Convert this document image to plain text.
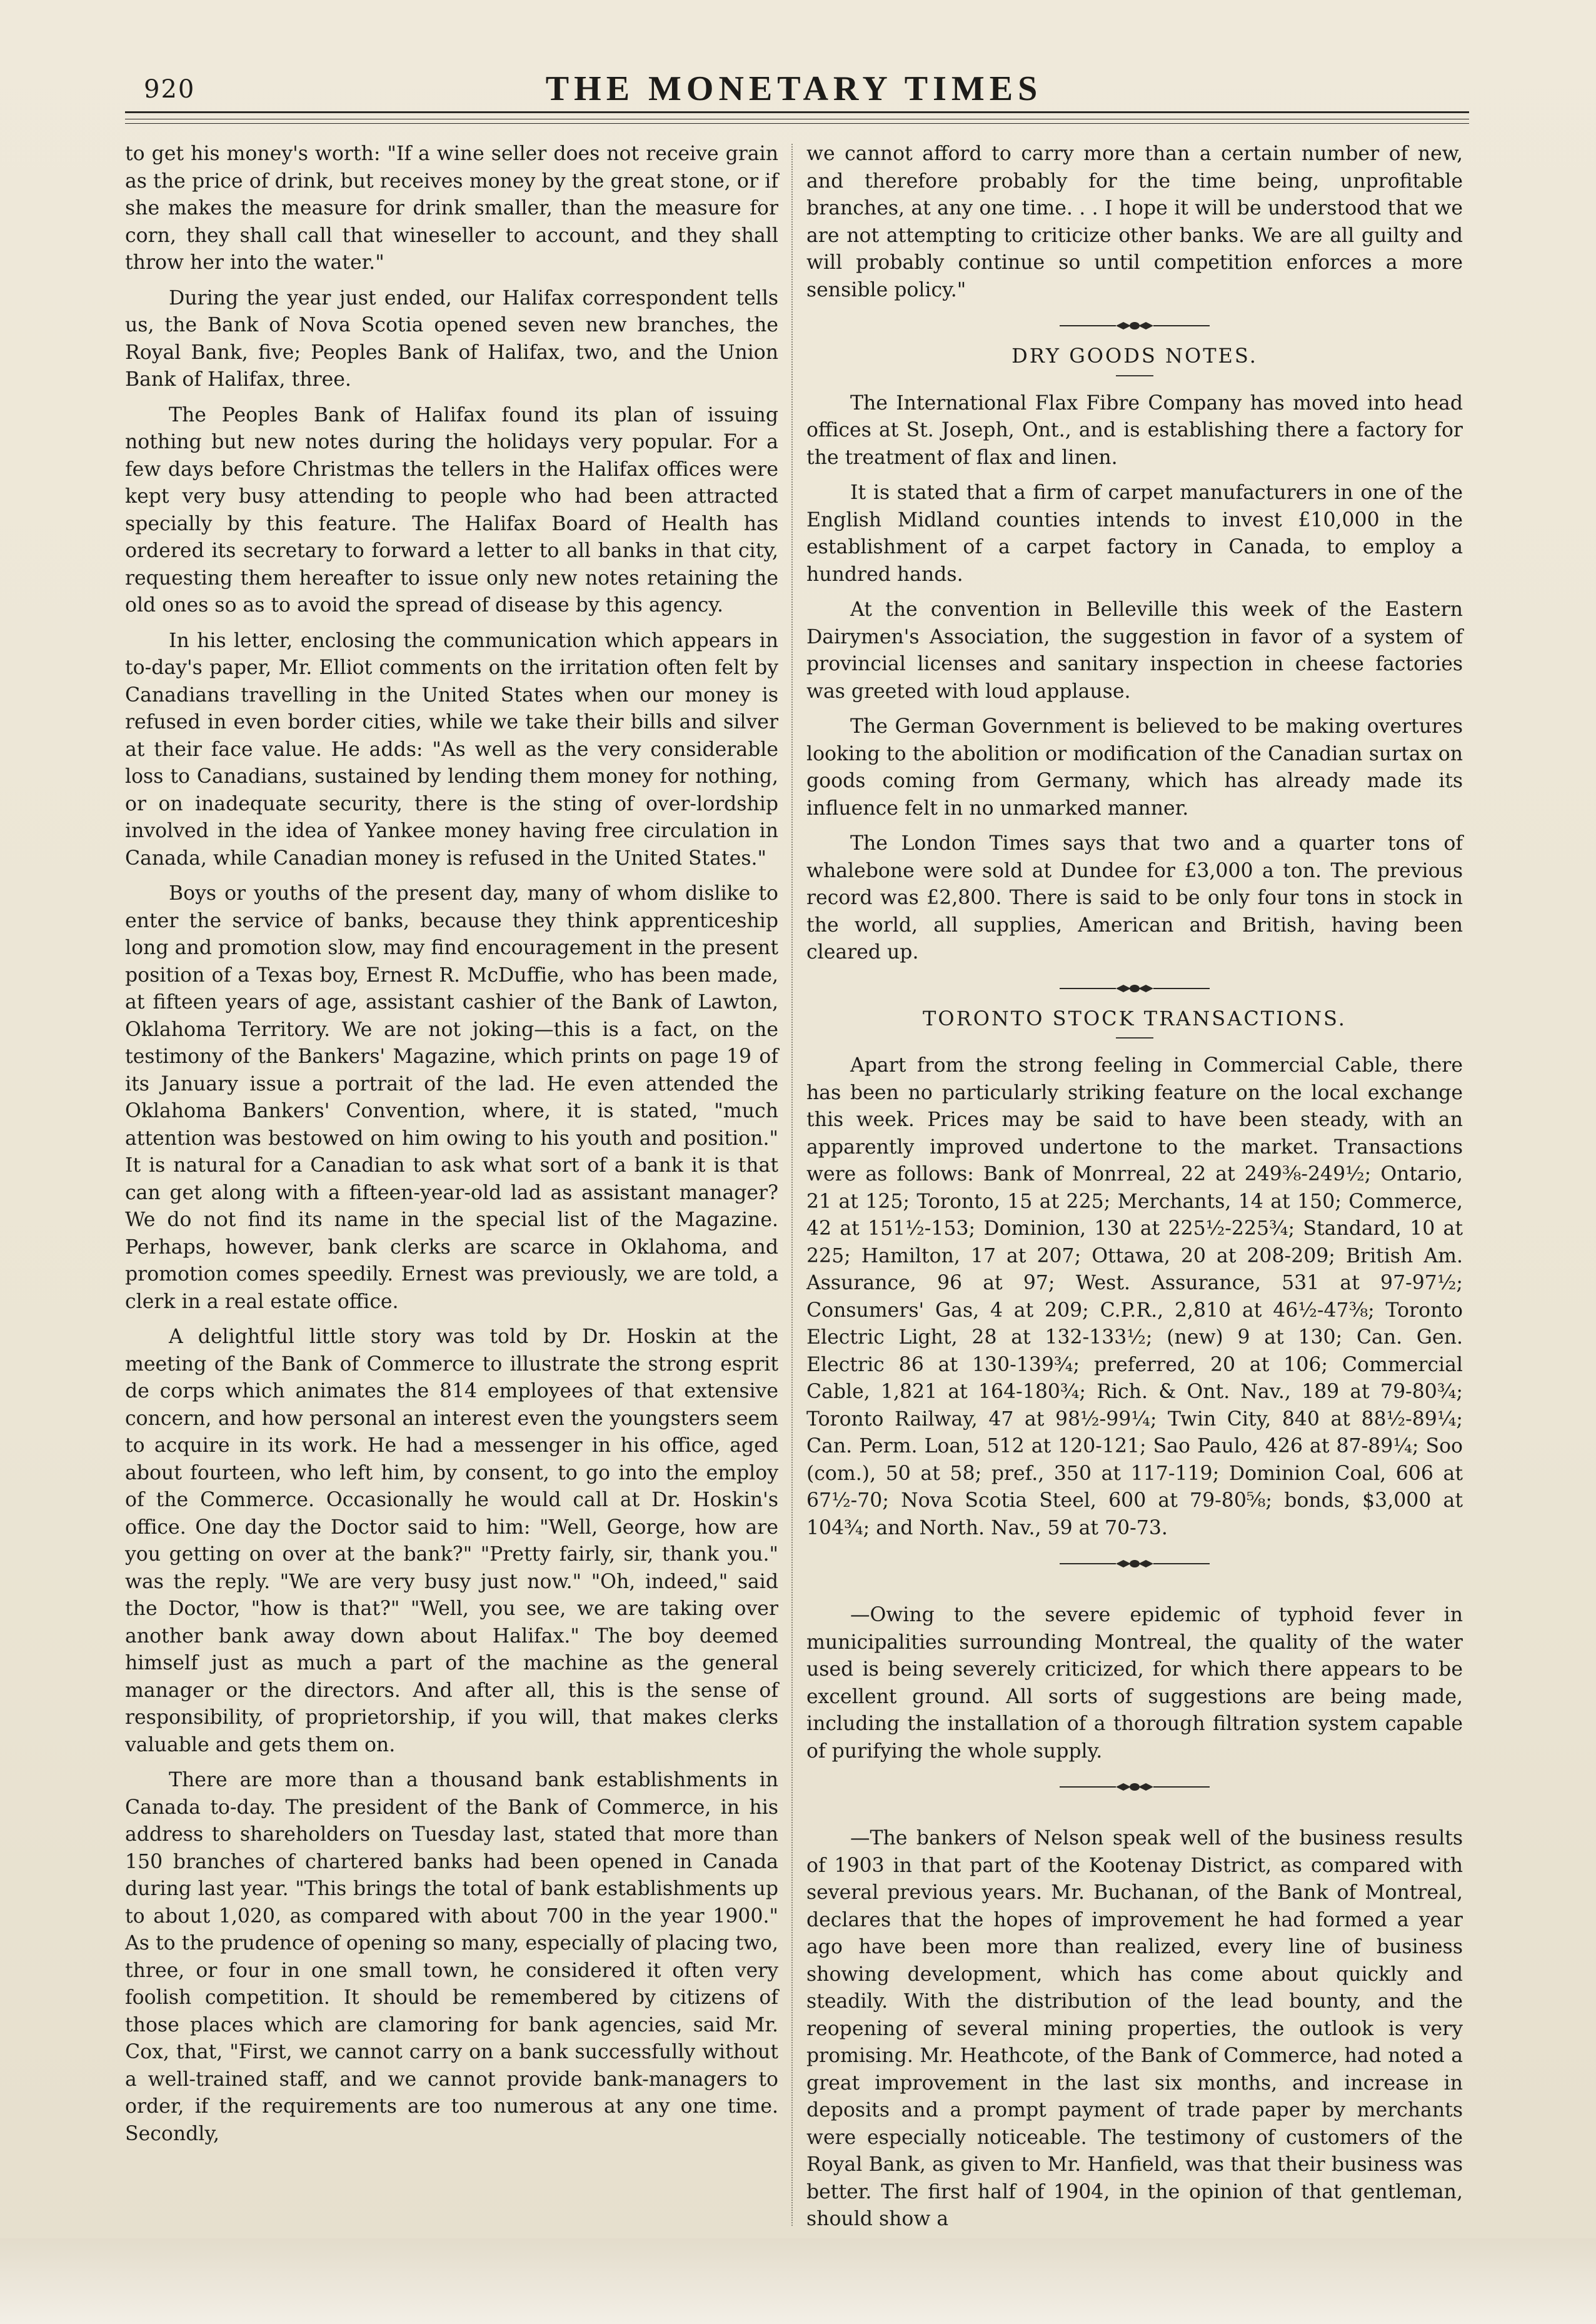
920	THE MONETARY TIMES

to get his money's worth: "If a wine seller does not receive grain as the price of drink, but receives money by the great stone, or if she makes the measure for drink smaller, than the measure for corn, they shall call that wineseller to account, and they shall throw her into the water."

During the year just ended, our Halifax correspondent tells us, the Bank of Nova Scotia opened seven new branches, the Royal Bank, five; Peoples Bank of Halifax, two, and the Union Bank of Halifax, three.

The Peoples Bank of Halifax found its plan of issuing nothing but new notes during the holidays very popular. For a few days before Christmas the tellers in the Halifax offices were kept very busy attending to people who had been attracted specially by this feature. The Halifax Board of Health has ordered its secretary to forward a letter to all banks in that city, requesting them hereafter to issue only new notes retaining the old ones so as to avoid the spread of disease by this agency.

In his letter, enclosing the communication which appears in to-day's paper, Mr. Elliot comments on the irritation often felt by Canadians travelling in the United States when our money is refused in even border cities, while we take their bills and silver at their face value. He adds: "As well as the very considerable loss to Canadians, sustained by lending them money for nothing, or on inadequate security, there is the sting of over-lordship involved in the idea of Yankee money having free circulation in Canada, while Canadian money is refused in the United States."

Boys or youths of the present day, many of whom dislike to enter the service of banks, because they think apprenticeship long and promotion slow, may find encouragement in the present position of a Texas boy, Ernest R. McDuffie, who has been made, at fifteen years of age, assistant cashier of the Bank of Lawton, Oklahoma Territory. We are not joking—this is a fact, on the testimony of the Bankers' Magazine, which prints on page 19 of its January issue a portrait of the lad. He even attended the Oklahoma Bankers' Convention, where, it is stated, "much attention was bestowed on him owing to his youth and position." It is natural for a Canadian to ask what sort of a bank it is that can get along with a fifteen-year-old lad as assistant manager? We do not find its name in the special list of the Magazine. Perhaps, however, bank clerks are scarce in Oklahoma, and promotion comes speedily. Ernest was previously, we are told, a clerk in a real estate office.

A delightful little story was told by Dr. Hoskin at the meeting of the Bank of Commerce to illustrate the strong esprit de corps which animates the 814 employees of that extensive concern, and how personal an interest even the youngsters seem to acquire in its work. He had a messenger in his office, aged about fourteen, who left him, by consent, to go into the employ of the Commerce. Occasionally he would call at Dr. Hoskin's office. One day the Doctor said to him: "Well, George, how are you getting on over at the bank?" "Pretty fairly, sir, thank you." was the reply. "We are very busy just now." "Oh, indeed," said the Doctor, "how is that?" "Well, you see, we are taking over another bank away down about Halifax." The boy deemed himself just as much a part of the machine as the general manager or the directors. And after all, this is the sense of responsibility, of proprietorship, if you will, that makes clerks valuable and gets them on.

There are more than a thousand bank establishments in Canada to-day. The president of the Bank of Commerce, in his address to shareholders on Tuesday last, stated that more than 150 branches of chartered banks had been opened in Canada during last year. "This brings the total of bank establishments up to about 1,020, as compared with about 700 in the year 1900." As to the prudence of opening so many, especially of placing two, three, or four in one small town, he considered it often very foolish competition. It should be remembered by citizens of those places which are clamoring for bank agencies, said Mr. Cox, that, "First, we cannot carry on a bank successfully without a well-trained staff, and we cannot provide bank-managers to order, if the requirements are too numerous at any one time. Secondly,

we cannot afford to carry more than a certain number of new, and therefore probably for the time being, unprofitable branches, at any one time. . . I hope it will be understood that we are not attempting to criticize other banks. We are all guilty and will probably continue so until competition enforces a more sensible policy."

DRY GOODS NOTES.

The International Flax Fibre Company has moved into head offices at St. Joseph, Ont., and is establishing there a factory for the treatment of flax and linen.

It is stated that a firm of carpet manufacturers in one of the English Midland counties intends to invest £10,000 in the establishment of a carpet factory in Canada, to employ a hundred hands.

At the convention in Belleville this week of the Eastern Dairymen's Association, the suggestion in favor of a system of provincial licenses and sanitary inspection in cheese factories was greeted with loud applause.

The German Government is believed to be making overtures looking to the abolition or modification of the Canadian surtax on goods coming from Germany, which has already made its influence felt in no unmarked manner.

The London Times says that two and a quarter tons of whalebone were sold at Dundee for £3,000 a ton. The previous record was £2,800. There is said to be only four tons in stock in the world, all supplies, American and British, having been cleared up.

TORONTO STOCK TRANSACTIONS.

Apart from the strong feeling in Commercial Cable, there has been no particularly striking feature on the local exchange this week. Prices may be said to have been steady, with an apparently improved undertone to the market. Transactions were as follows: Bank of Monrreal, 22 at 249⅜-249½; Ontario, 21 at 125; Toronto, 15 at 225; Merchants, 14 at 150; Commerce, 42 at 151½-153; Dominion, 130 at 225½-225¾; Standard, 10 at 225; Hamilton, 17 at 207; Ottawa, 20 at 208-209; British Am. Assurance, 96 at 97; West. Assurance, 531 at 97-97½; Consumers' Gas, 4 at 209; C.P.R., 2,810 at 46½-47⅜; Toronto Electric Light, 28 at 132-133½; (new) 9 at 130; Can. Gen. Electric 86 at 130-139¾; preferred, 20 at 106; Commercial Cable, 1,821 at 164-180¾; Rich. & Ont. Nav., 189 at 79-80¾; Toronto Railway, 47 at 98½-99¼; Twin City, 840 at 88½-89¼; Can. Perm. Loan, 512 at 120-121; Sao Paulo, 426 at 87-89¼; Soo (com.), 50 at 58; pref., 350 at 117-119; Dominion Coal, 606 at 67½-70; Nova Scotia Steel, 600 at 79-80⅝; bonds, $3,000 at 104¾; and North. Nav., 59 at 70-73.

—Owing to the severe epidemic of typhoid fever in municipalities surrounding Montreal, the quality of the water used is being severely criticized, for which there appears to be excellent ground. All sorts of suggestions are being made, including the installation of a thorough filtration system capable of purifying the whole supply.

—The bankers of Nelson speak well of the business results of 1903 in that part of the Kootenay District, as compared with several previous years. Mr. Buchanan, of the Bank of Montreal, declares that the hopes of improvement he had formed a year ago have been more than realized, every line of business showing development, which has come about quickly and steadily. With the distribution of the lead bounty, and the reopening of several mining properties, the outlook is very promising. Mr. Heathcote, of the Bank of Commerce, had noted a great improvement in the last six months, and increase in deposits and a prompt payment of trade paper by merchants were especially noticeable. The testimony of customers of the Royal Bank, as given to Mr. Hanfield, was that their business was better. The first half of 1904, in the opinion of that gentleman, should show a
